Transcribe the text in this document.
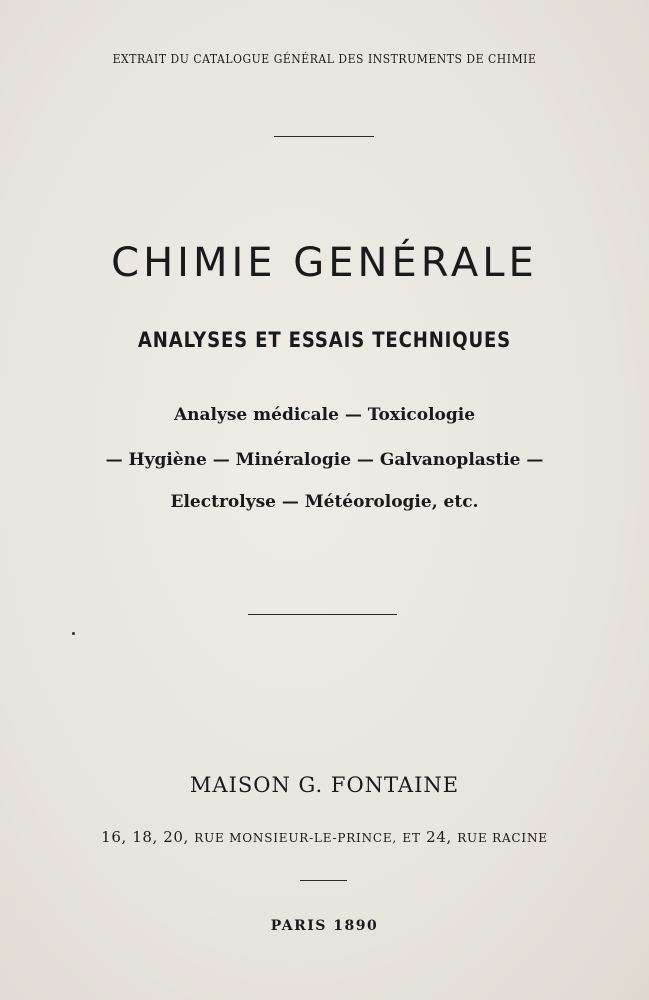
EXTRAIT DU CATALOGUE GÉNÉRAL DES INSTRUMENTS DE CHIMIE
CHIMIE GENÉRALE
ANALYSES ET ESSAIS TECHNIQUES
Analyse médicale — Toxicologie
— Hygiène — Minéralogie — Galvanoplastie —
Electrolyse — Météorologie, etc.
MAISON G. FONTAINE
16, 18, 20, RUE MONSIEUR-LE-PRINCE, ET 24, RUE RACINE
PARIS 1890
